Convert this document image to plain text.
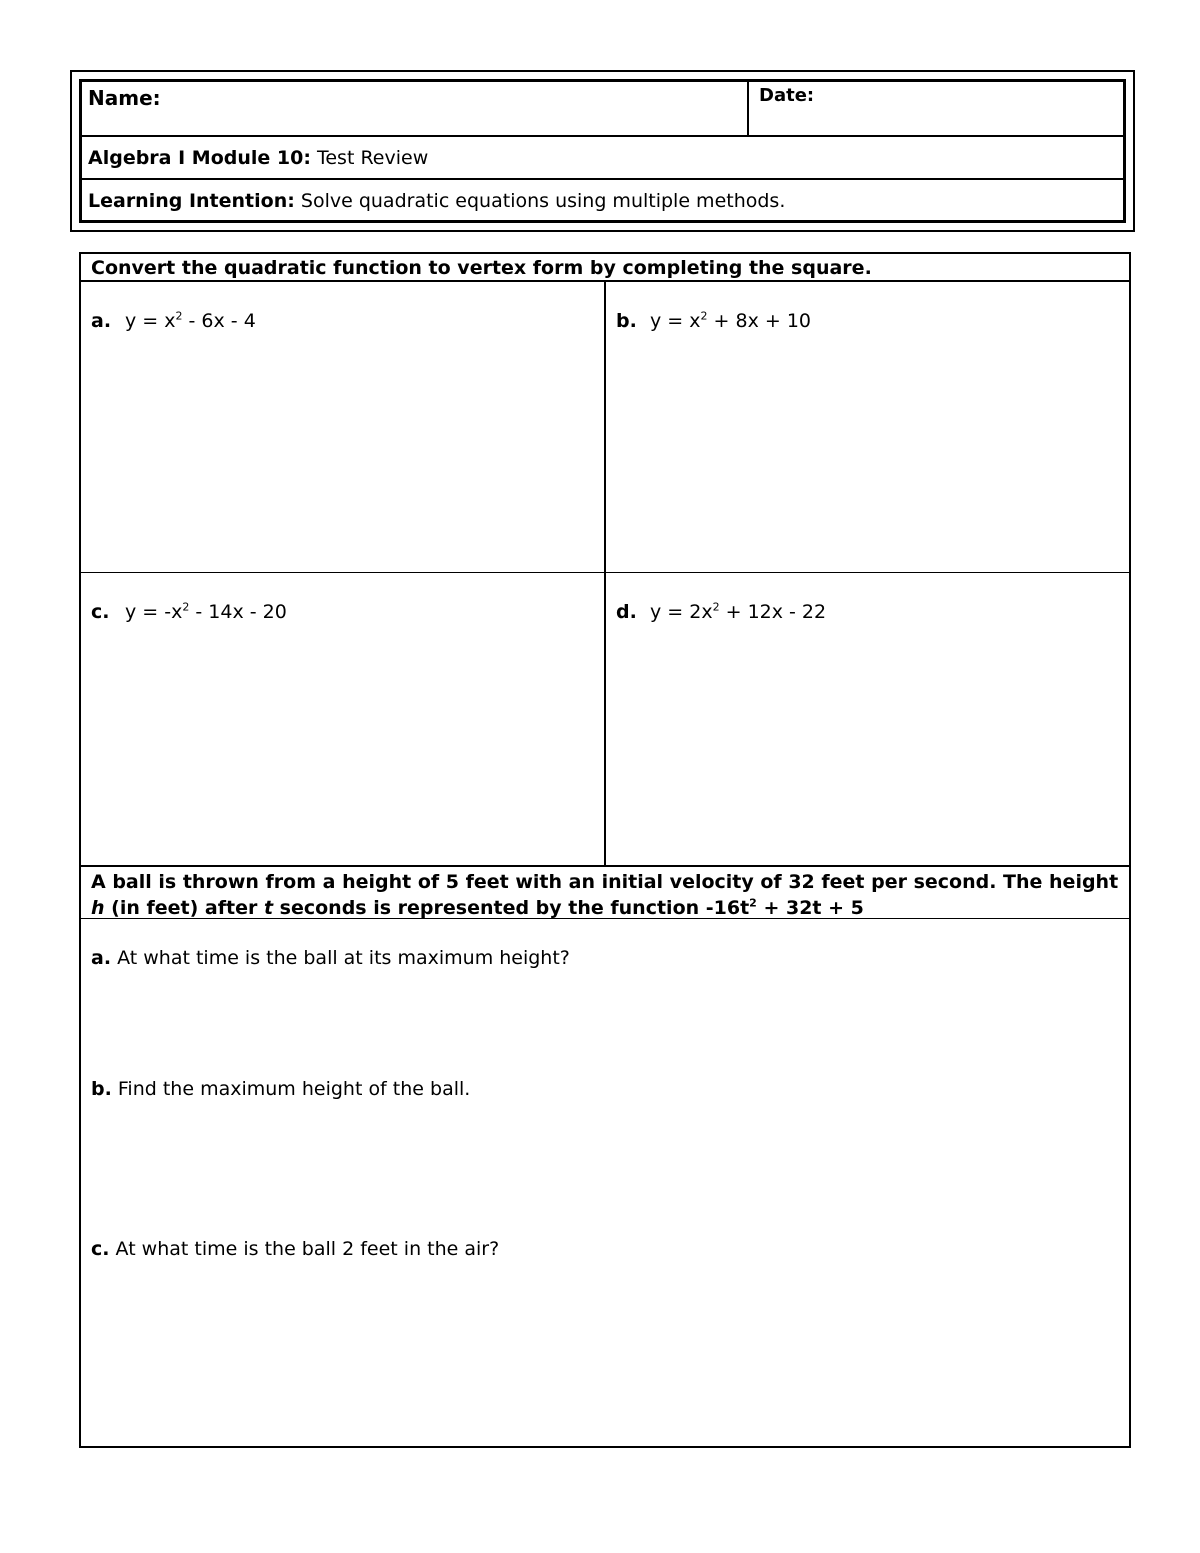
Name:	Date:
Algebra I Module 10: Test Review
Learning Intention: Solve quadratic equations using multiple methods.
Convert the quadratic function to vertex form by completing the square.
a. $y = x^2 - 6x - 4$	b. $y = x^2 + 8x + 10$
c. $y = -x^2 - 14x - 20$	d. $y = 2x^2 + 12x - 22$
A ball is thrown from a height of 5 feet with an initial velocity of 32 feet per second. The height h (in feet) after t seconds is represented by the function $-16t^2 + 32t + 5$
a. At what time is the ball at its maximum height?
b. Find the maximum height of the ball.
c. At what time is the ball 2 feet in the air?
